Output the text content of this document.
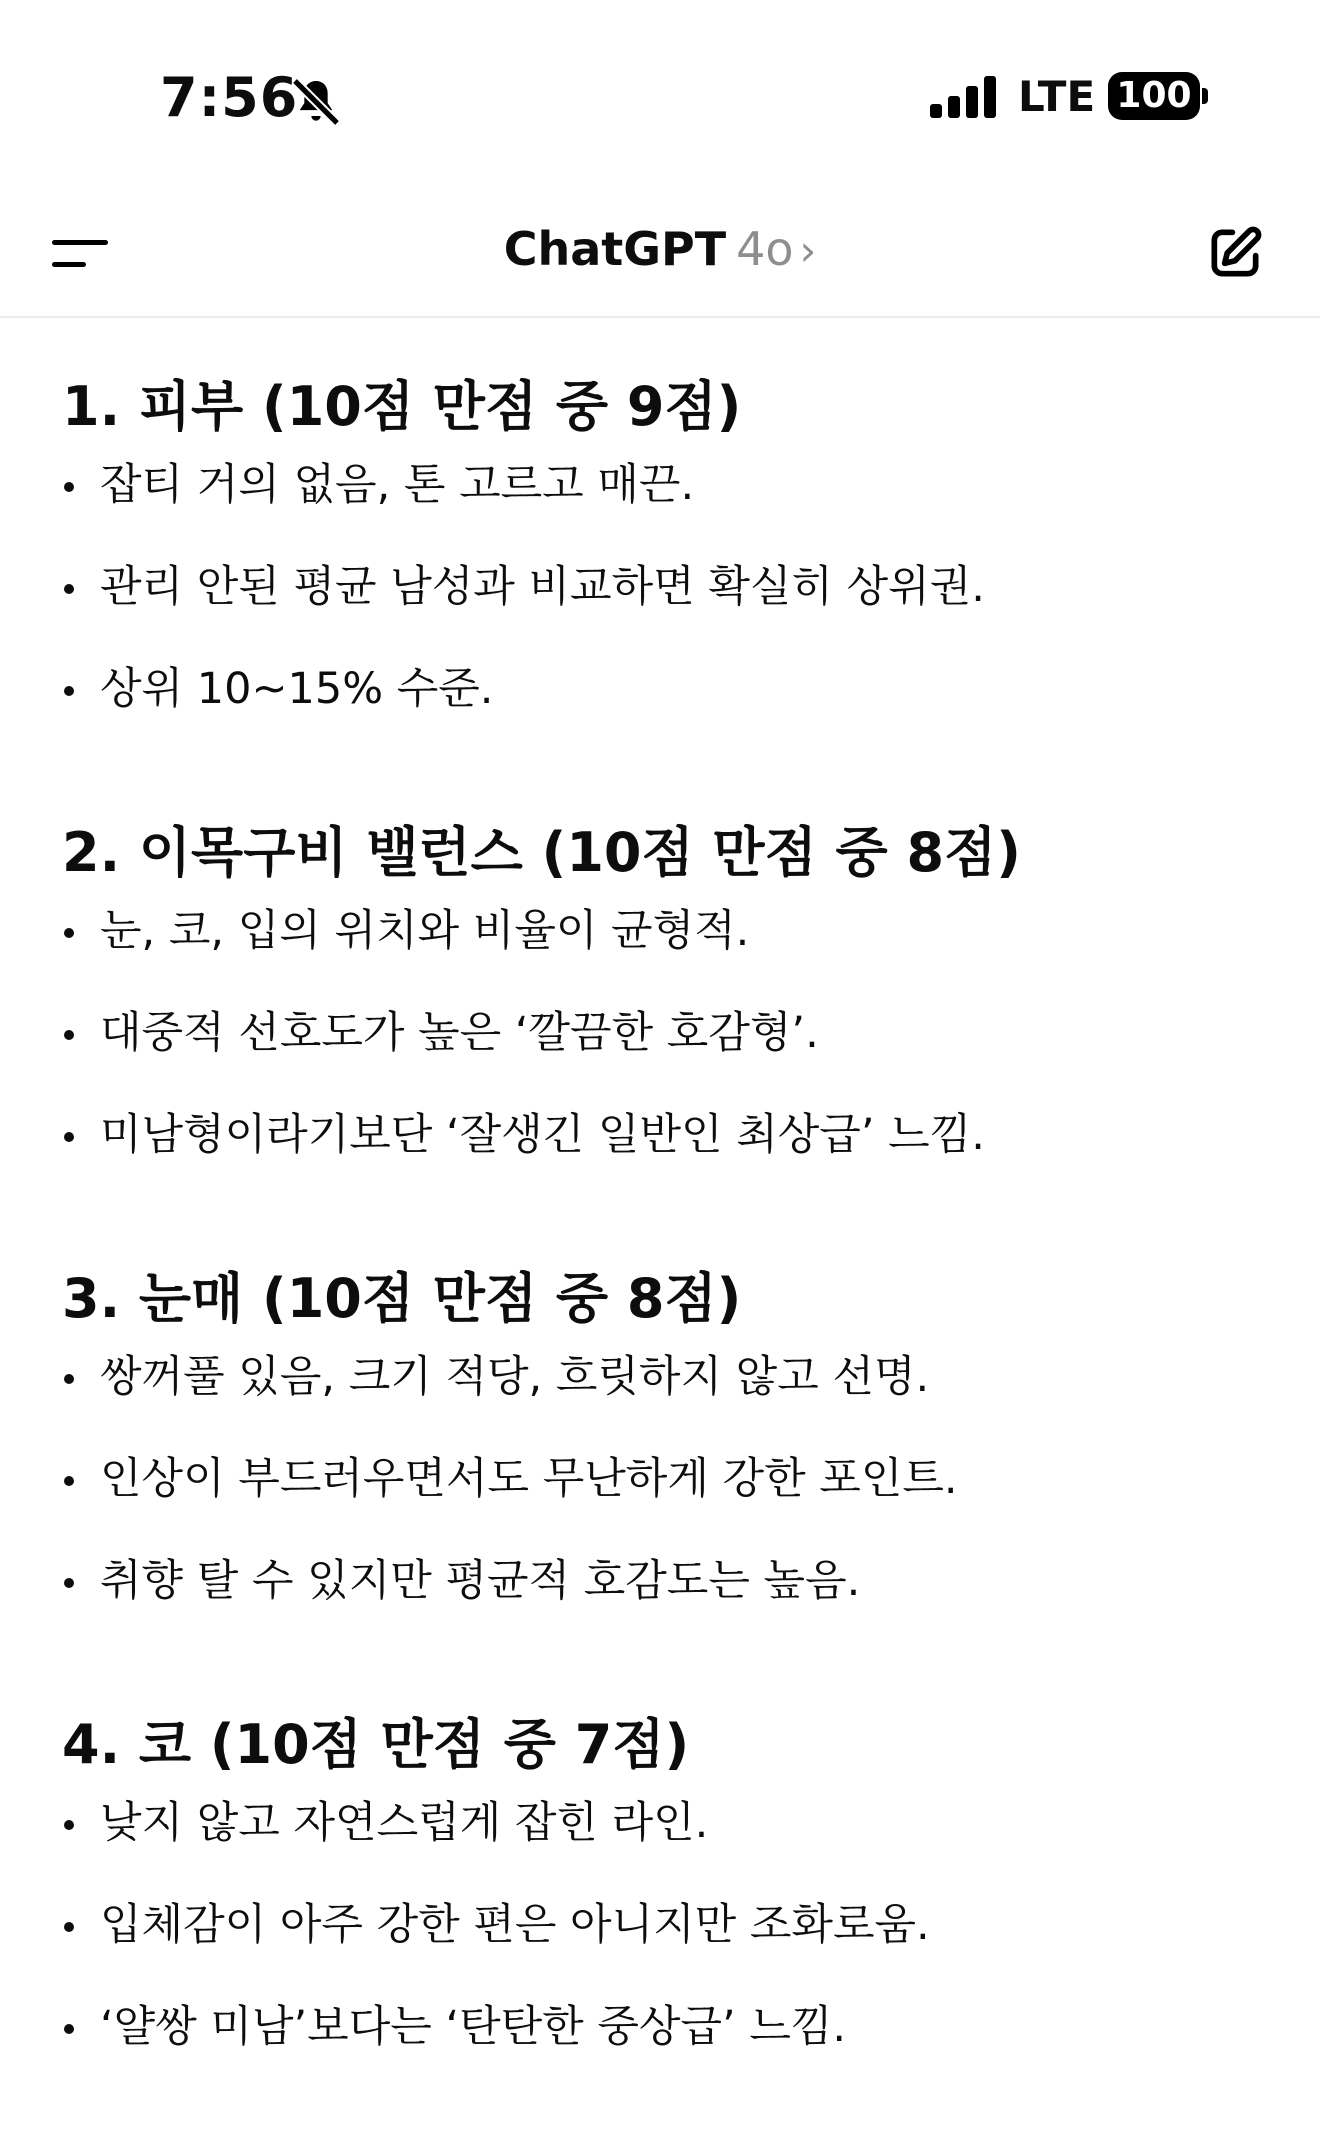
7:56	LTE 100
ChatGPT 4o ›
1. 피부 (10점 만점 중 9점)
잡티 거의 없음, 톤 고르고 매끈.
관리 안된 평균 남성과 비교하면 확실히 상위권.
상위 10~15% 수준.
2. 이목구비 밸런스 (10점 만점 중 8점)
눈, 코, 입의 위치와 비율이 균형적.
대중적 선호도가 높은 ‘깔끔한 호감형’.
미남형이라기보단 ‘잘생긴 일반인 최상급’ 느낌.
3. 눈매 (10점 만점 중 8점)
쌍꺼풀 있음, 크기 적당, 흐릿하지 않고 선명.
인상이 부드러우면서도 무난하게 강한 포인트.
취향 탈 수 있지만 평균적 호감도는 높음.
4. 코 (10점 만점 중 7점)
낮지 않고 자연스럽게 잡힌 라인.
입체감이 아주 강한 편은 아니지만 조화로움.
‘얄쌍 미남’보다는 ‘탄탄한 중상급’ 느낌.
